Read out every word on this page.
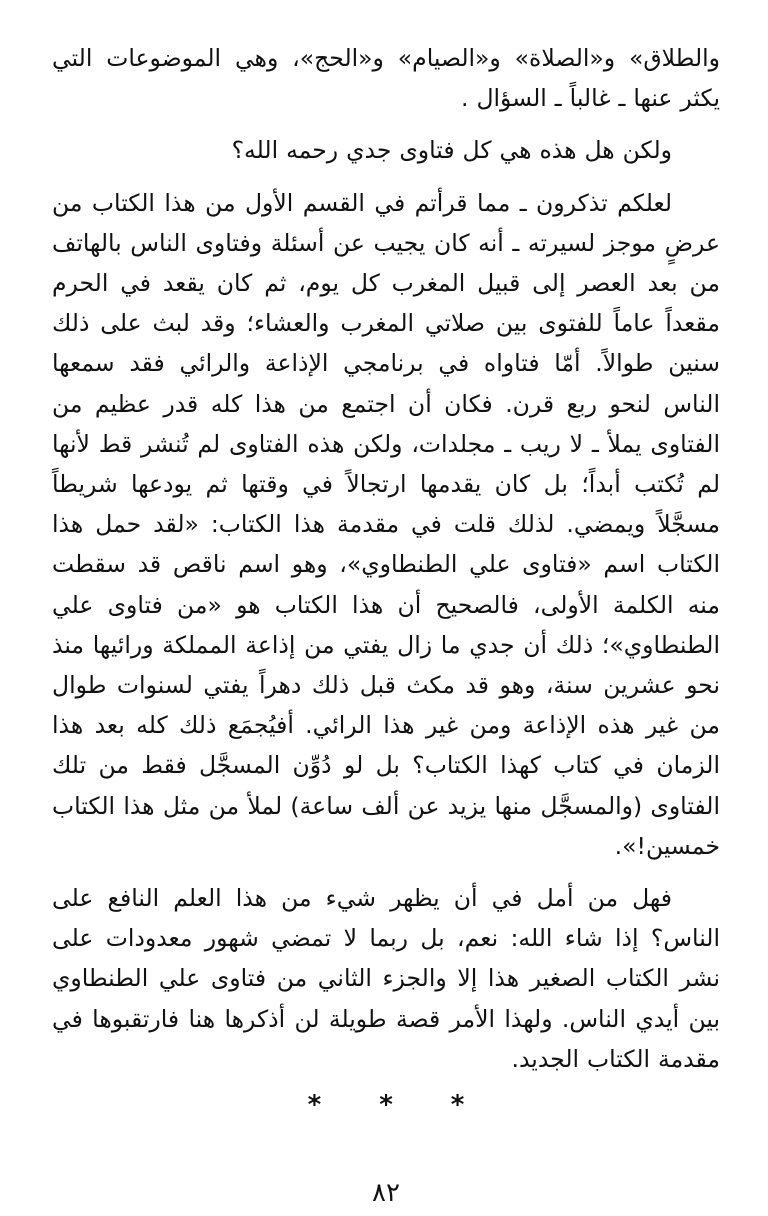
والطلاق» و«الصلاة» و«الصيام» و«الحج»، وهي الموضوعات التي يكثر عنها ـ غالباً ـ السؤال .

ولكن هل هذه هي كل فتاوى جدي رحمه الله؟

لعلكم تذكرون ـ مما قرأتم في القسم الأول من هذا الكتاب من عرضٍ موجز لسيرته ـ أنه كان يجيب عن أسئلة وفتاوى الناس بالهاتف من بعد العصر إلى قبيل المغرب كل يوم، ثم كان يقعد في الحرم مقعداً عاماً للفتوى بين صلاتي المغرب والعشاء؛ وقد لبث على ذلك سنين طوالاً. أمّا فتاواه في برنامجي الإذاعة والرائي فقد سمعها الناس لنحو ربع قرن. فكان أن اجتمع من هذا كله قدر عظيم من الفتاوى يملأ ـ لا ريب ـ مجلدات، ولكن هذه الفتاوى لم تُنشر قط لأنها لم تُكتب أبداً؛ بل كان يقدمها ارتجالاً في وقتها ثم يودعها شريطاً مسجَّلاً ويمضي. لذلك قلت في مقدمة هذا الكتاب: «لقد حمل هذا الكتاب اسم «فتاوى علي الطنطاوي»، وهو اسم ناقص قد سقطت منه الكلمة الأولى، فالصحيح أن هذا الكتاب هو «من فتاوى علي الطنطاوي»؛ ذلك أن جدي ما زال يفتي من إذاعة المملكة ورائيها منذ نحو عشرين سنة، وهو قد مكث قبل ذلك دهراً يفتي لسنوات طوال من غير هذه الإذاعة ومن غير هذا الرائي. أفيُجمَع ذلك كله بعد هذا الزمان في كتاب كهذا الكتاب؟ بل لو دُوِّن المسجَّل فقط من تلك الفتاوى (والمسجَّل منها يزيد عن ألف ساعة) لملأ من مثل هذا الكتاب خمسين!».

فهل من أمل في أن يظهر شيء من هذا العلم النافع على الناس؟ إذا شاء الله: نعم، بل ربما لا تمضي شهور معدودات على نشر الكتاب الصغير هذا إلا والجزء الثاني من فتاوى علي الطنطاوي بين أيدي الناس. ولهذا الأمر قصة طويلة لن أذكرها هنا فارتقبوها في مقدمة الكتاب الجديد.

* * *
٨٢
